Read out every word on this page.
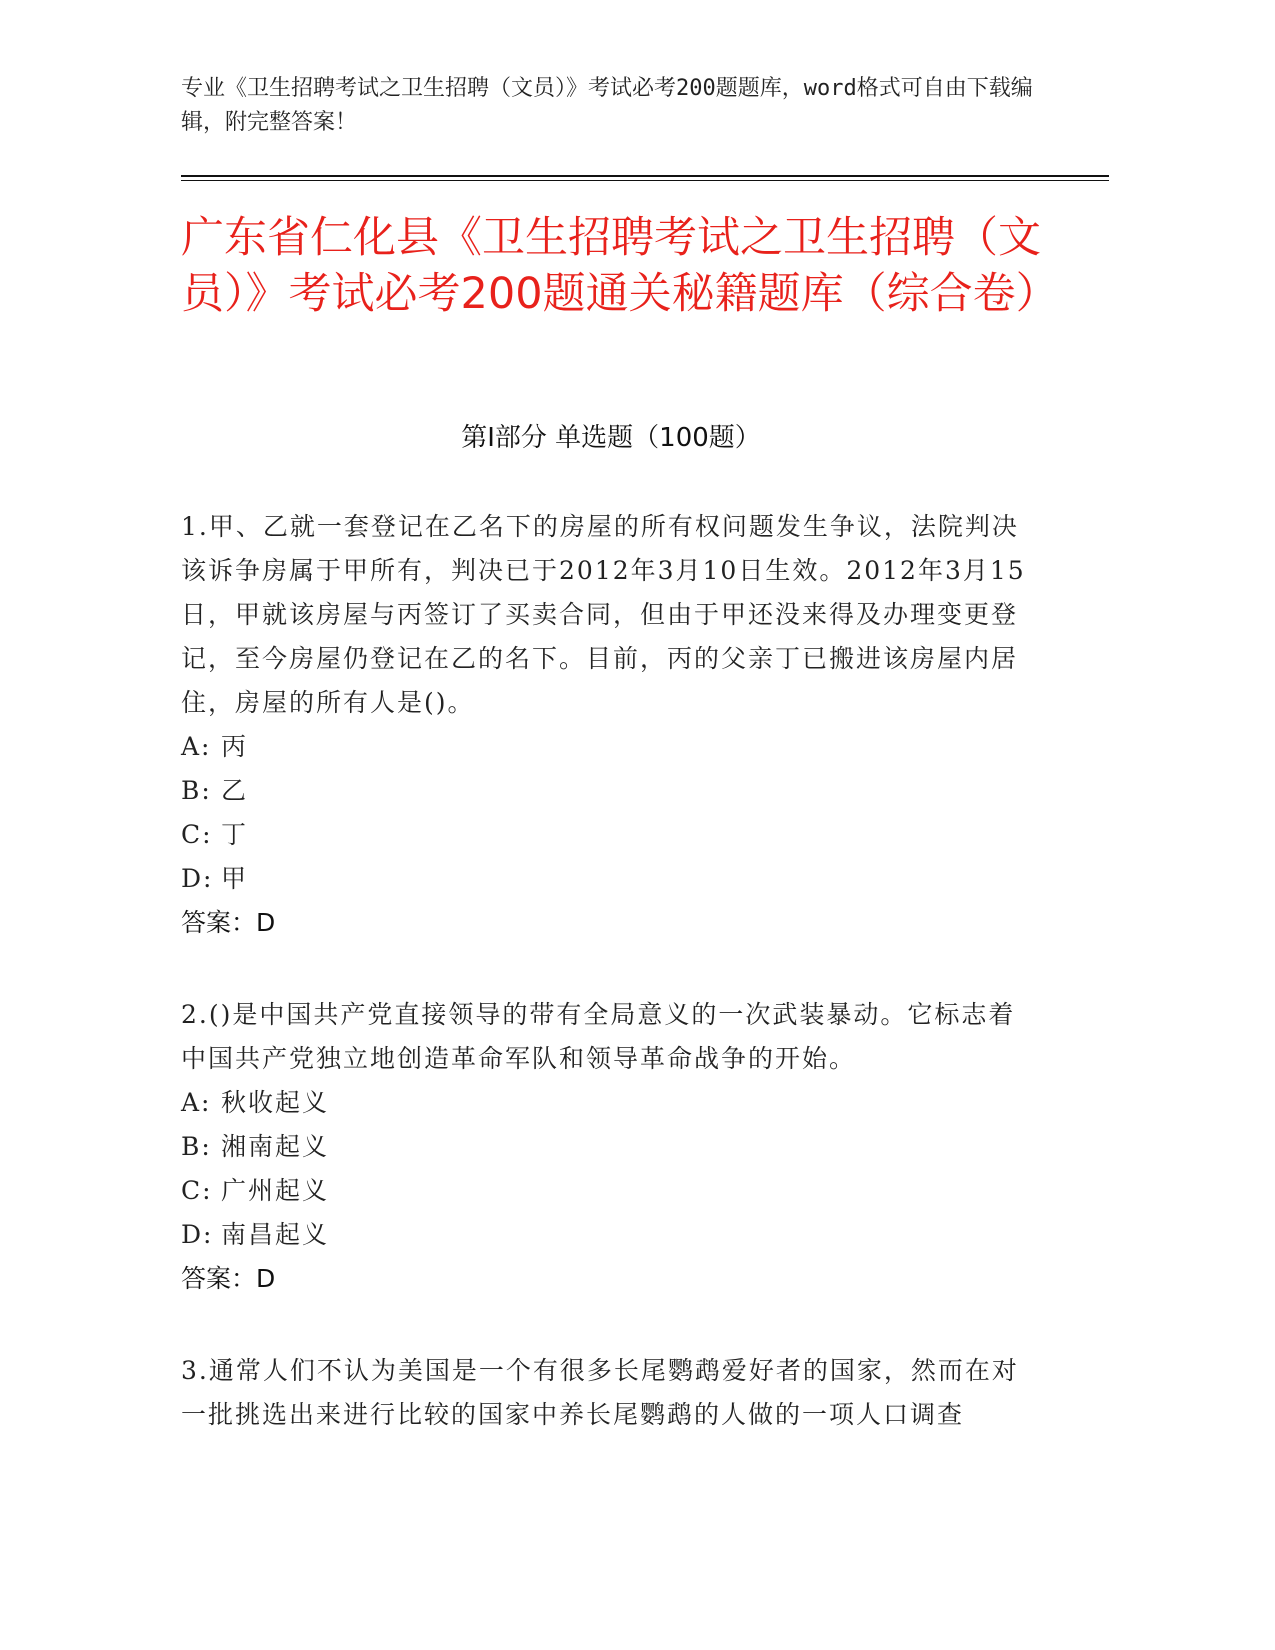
专业《卫生招聘考试之卫生招聘（文员）》考试必考200题题库，word格式可自由下载编辑，附完整答案！
广东省仁化县《卫生招聘考试之卫生招聘（文员）》考试必考200题通关秘籍题库（综合卷）
第Ⅰ部分 单选题（100题）
1.甲、乙就一套登记在乙名下的房屋的所有权问题发生争议，法院判决该诉争房属于甲所有，判决已于2012年3月10日生效。2012年3月15日，甲就该房屋与丙签订了买卖合同，但由于甲还没来得及办理变更登记，至今房屋仍登记在乙的名下。目前，丙的父亲丁已搬进该房屋内居住，房屋的所有人是()。
A: 丙
B: 乙
C: 丁
D: 甲
答案：D
2.()是中国共产党直接领导的带有全局意义的一次武装暴动。它标志着中国共产党独立地创造革命军队和领导革命战争的开始。
A: 秋收起义
B: 湘南起义
C: 广州起义
D: 南昌起义
答案：D
3.通常人们不认为美国是一个有很多长尾鹦鹉爱好者的国家，然而在对一批挑选出来进行比较的国家中养长尾鹦鹉的人做的一项人口调查
